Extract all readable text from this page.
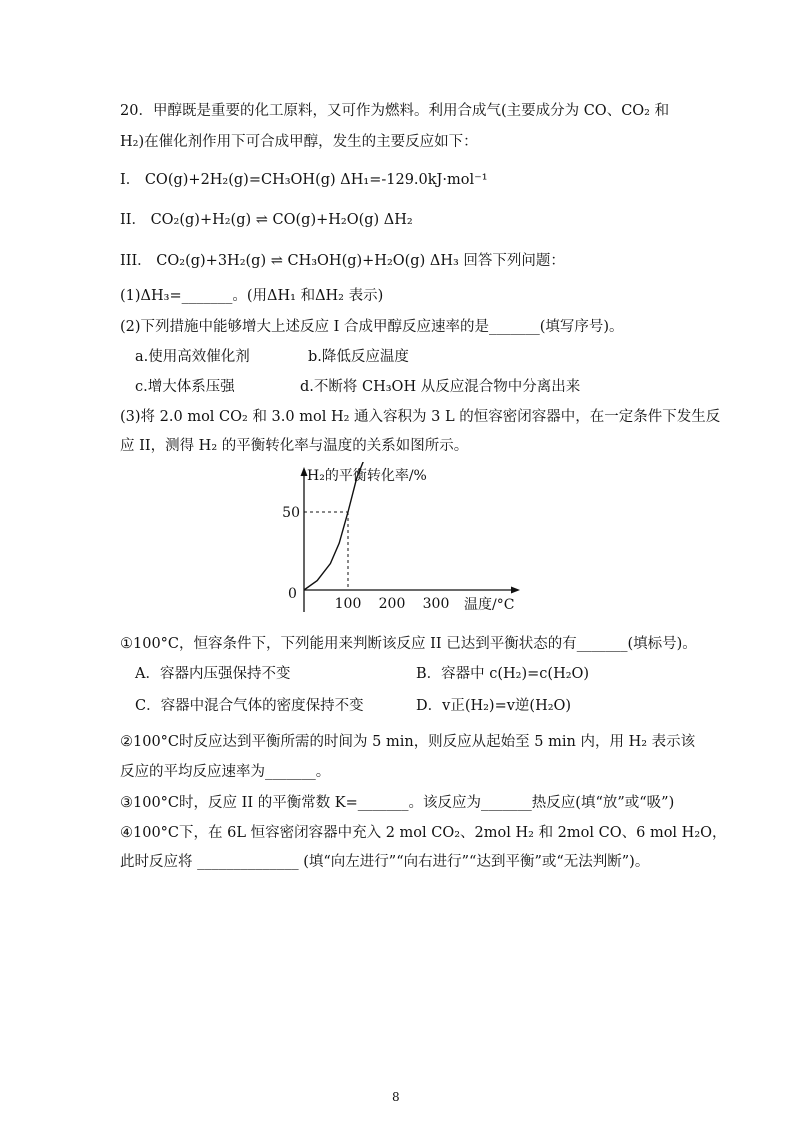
20．甲醇既是重要的化工原料，又可作为燃料。利用合成气(主要成分为 CO、CO₂ 和
H₂)在催化剂作用下可合成甲醇，发生的主要反应如下：
I． CO(g)+2H₂(g)=CH₃OH(g) ΔH₁=-129.0kJ·mol⁻¹
II． CO₂(g)+H₂(g) ⇌ CO(g)+H₂O(g) ΔH₂
III． CO₂(g)+3H₂(g) ⇌ CH₃OH(g)+H₂O(g) ΔH₃ 回答下列问题：
(1)ΔH₃=_______。(用ΔH₁ 和ΔH₂ 表示)
(2)下列措施中能够增大上述反应 I 合成甲醇反应速率的是_______(填写序号)。
a.使用高效催化剂	b.降低反应温度
c.增大体系压强	d.不断将 CH₃OH 从反应混合物中分离出来
(3)将 2.0 mol CO₂ 和 3.0 mol H₂ 通入容积为 3 L 的恒容密闭容器中，在一定条件下发生反
应 II，测得 H₂ 的平衡转化率与温度的关系如图所示。
100 200 300
50
H₂的平衡转化率/%
温度/°C
0
①100°C，恒容条件下，下列能用来判断该反应 II 已达到平衡状态的有_______(填标号)。
A．容器内压强保持不变	B．容器中 c(H₂)=c(H₂O)
C．容器中混合气体的密度保持不变	D．v正(H₂)=v逆(H₂O)
②100°C时反应达到平衡所需的时间为 5 min，则反应从起始至 5 min 内，用 H₂ 表示该
反应的平均反应速率为_______。
③100°C时，反应 II 的平衡常数 K=_______。该反应为_______热反应(填“放”或“吸”)
④100°C下，在 6L 恒容密闭容器中充入 2 mol CO₂、2mol H₂ 和 2mol CO、6 mol H₂O，
此时反应将 ______________ (填“向左进行”“向右进行”“达到平衡”或“无法判断”)。
8
